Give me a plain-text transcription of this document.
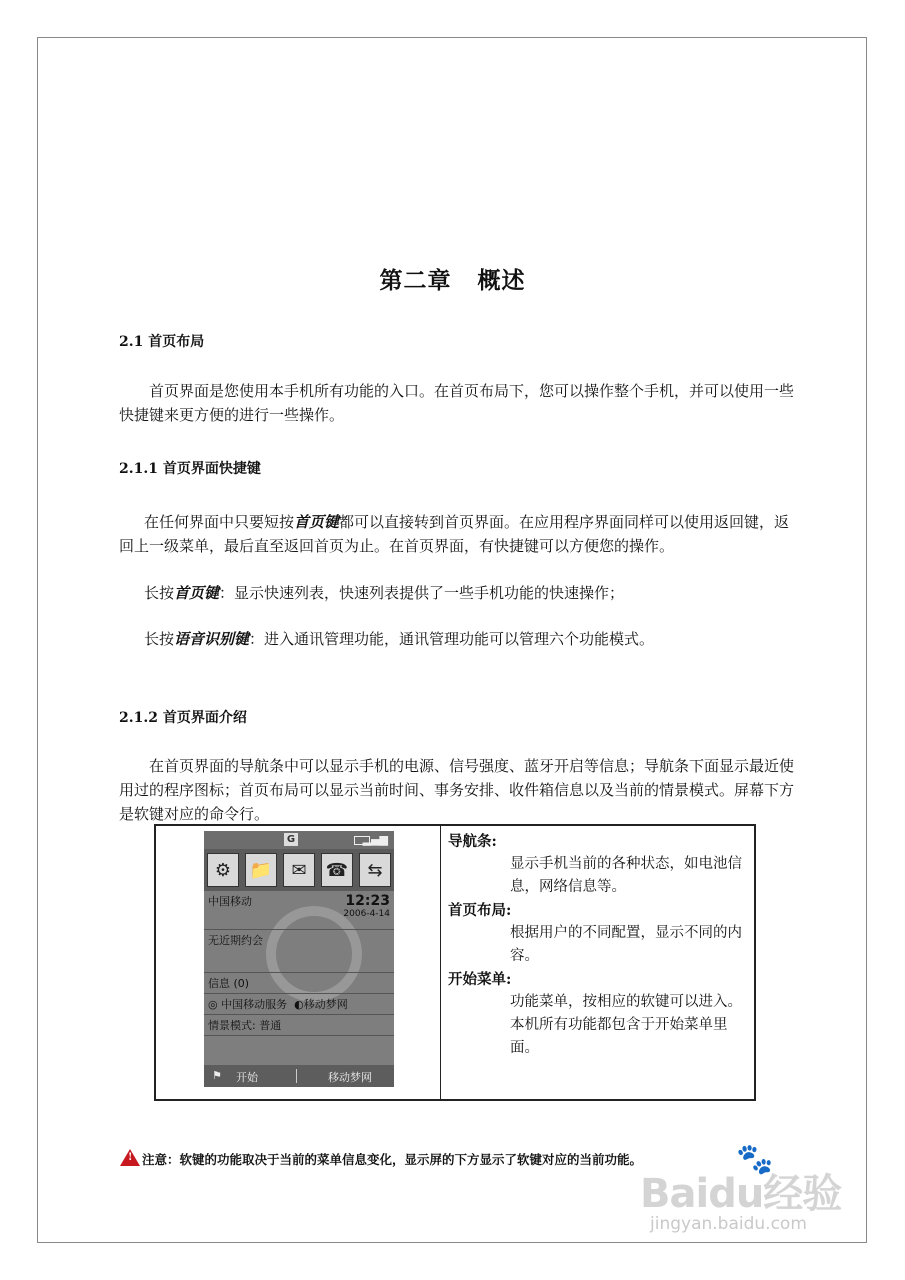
第二章 概述
2.1 首页布局
首页界面是您使用本手机所有功能的入口。在首页布局下，您可以操作整个手机，并可以使用一些快捷键来更方便的进行一些操作。
2.1.1 首页界面快捷键
在任何界面中只要短按首页键都可以直接转到首页界面。在应用程序界面同样可以使用返回键，返回上一级菜单，最后直至返回首页为止。在首页界面，有快捷键可以方便您的操作。
长按首页键：显示快速列表，快速列表提供了一些手机功能的快速操作；
长按语音识别键：进入通讯管理功能，通讯管理功能可以管理六个功能模式。
2.1.2 首页界面介绍
在首页界面的导航条中可以显示手机的电源、信号强度、蓝牙开启等信息；导航条下面显示最近使用过的程序图标；首页布局可以显示当前时间、事务安排、收件箱信息以及当前的情景模式。屏幕下方是软键对应的命令行。
G	▂▄▆
⚙	📁	✉	☎	⇆
中国移动	12:23
2006-4-14
无近期约会
信息 (0)
◎ 中国移动服务  ◐移动梦网
情景模式: 普通
⚑ 开始	移动梦网
导航条:
显示手机当前的各种状态，如电池信息，网络信息等。
首页布局:
根据用户的不同配置，显示不同的内容。
开始菜单:
功能菜单，按相应的软键可以进入。本机所有功能都包含于开始菜单里面。
!
注意：软键的功能取决于当前的菜单信息变化，显示屏的下方显示了软键对应的当前功能。	🐾
Baidu经验
jingyan.baidu.com
